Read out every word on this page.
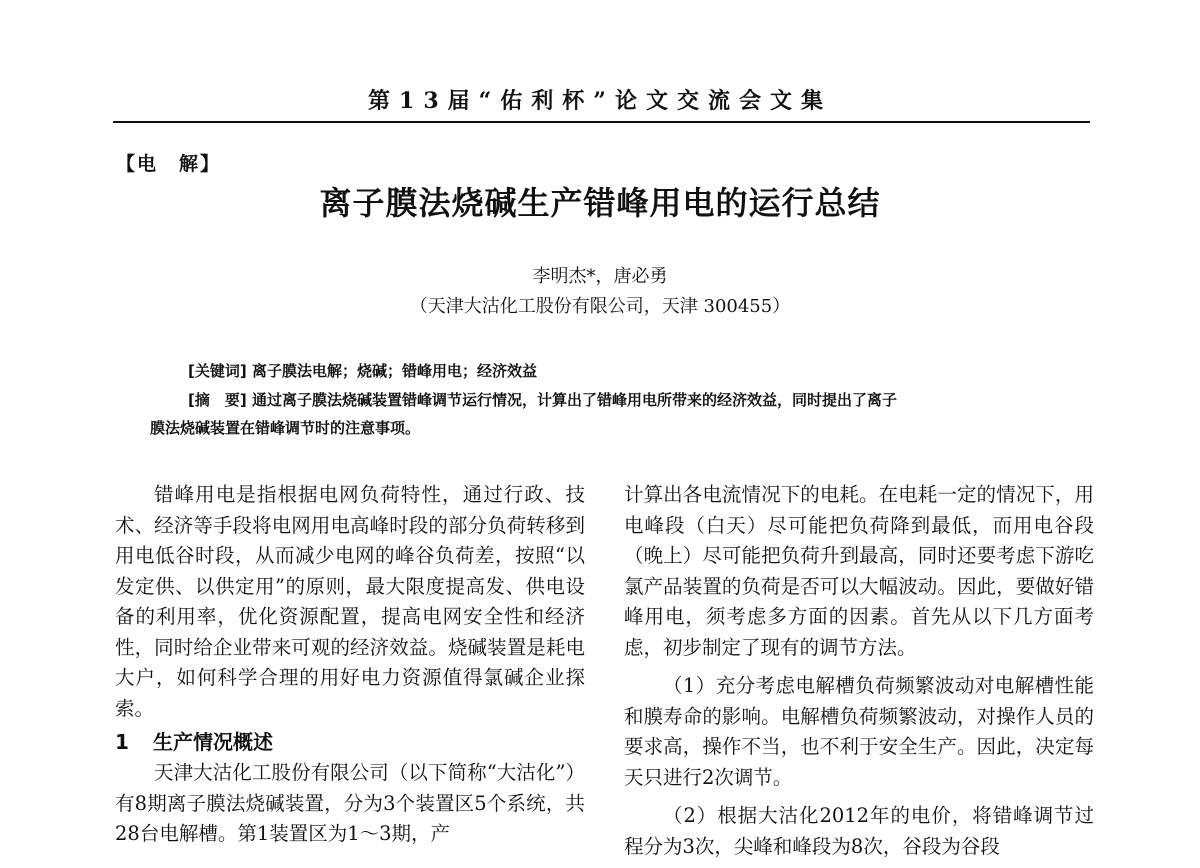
第13届“佑利杯”论文交流会文集
【电　解】
离子膜法烧碱生产错峰用电的运行总结
李明杰*，唐必勇
（天津大沽化工股份有限公司，天津 300455）
[关键词] 离子膜法电解；烧碱；错峰用电；经济效益
[摘　要] 通过离子膜法烧碱装置错峰调节运行情况，计算出了错峰用电所带来的经济效益，同时提出了离子
膜法烧碱装置在错峰调节时的注意事项。

错峰用电是指根据电网负荷特性，通过行政、技术、经济等手段将电网用电高峰时段的部分负荷转移到用电低谷时段，从而减少电网的峰谷负荷差，按照“以发定供、以供定用”的原则，最大限度提高发、供电设备的利用率，优化资源配置，提高电网安全性和经济性，同时给企业带来可观的经济效益。烧碱装置是耗电大户，如何科学合理的用好电力资源值得氯碱企业探索。

1 生产情况概述

天津大沽化工股份有限公司（以下简称“大沽化”）有8期离子膜法烧碱装置，分为3个装置区5个系统，共28台电解槽。第1装置区为1～3期，产

计算出各电流情况下的电耗。在电耗一定的情况下，用电峰段（白天）尽可能把负荷降到最低，而用电谷段（晚上）尽可能把负荷升到最高，同时还要考虑下游吃氯产品装置的负荷是否可以大幅波动。因此，要做好错峰用电，须考虑多方面的因素。首先从以下几方面考虑，初步制定了现有的调节方法。

（1）充分考虑电解槽负荷频繁波动对电解槽性能和膜寿命的影响。电解槽负荷频繁波动，对操作人员的要求高，操作不当，也不利于安全生产。因此，决定每天只进行2次调节。

（2）根据大沽化2012年的电价，将错峰调节过程分为3次，尖峰和峰段为8次，谷段为谷段
